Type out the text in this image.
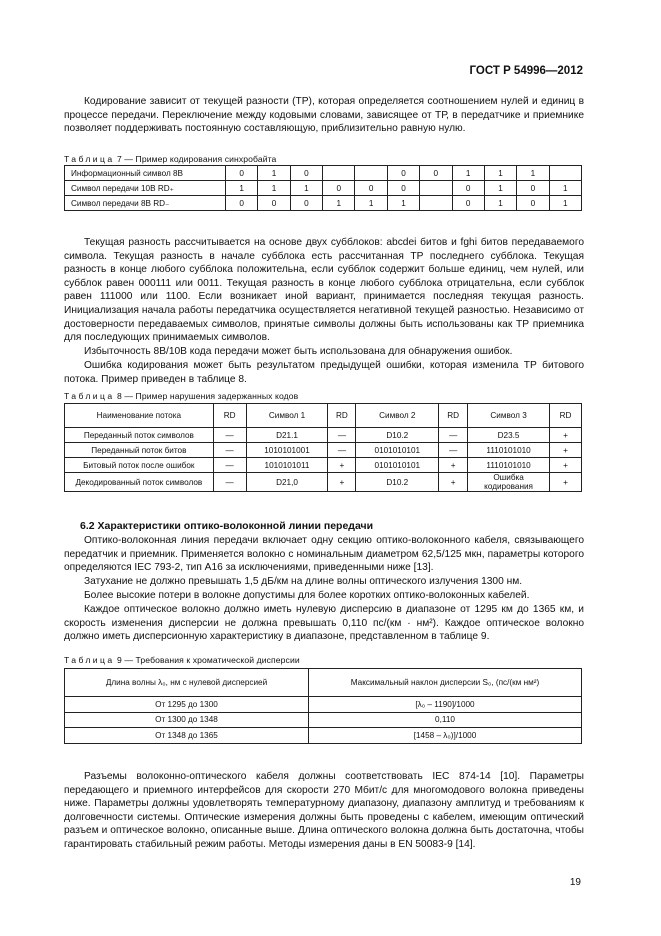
ГОСТ Р 54996—2012

Кодирование зависит от текущей разности (ТР), которая определяется соотношением нулей и единиц в процессе передачи. Переключение между кодовыми словами, зависящее от ТР, в передатчике и приемнике позволяет поддерживать постоянную составляющую, приблизительно равную нулю.

Таблица 7 — Пример кодирования синхробайта
Информационный символ 8В	0	1	0			0	0	1	1	1	
Символ передачи 10В RD₊	1	1	1	0	0	0		0	1	0	1
Символ передачи 8В RD₋	0	0	0	1	1	1		0	1	0	1

Текущая разность рассчитывается на основе двух субблоков: abcdei битов и fghi битов передаваемого символа. Текущая разность в начале субблока есть рассчитанная ТР последнего субблока. Текущая разность в конце любого субблока положительна, если субблок содержит больше единиц, чем нулей, или субблок равен 000111 или 0011. Текущая разность в конце любого субблока отрицательна, если субблок равен 111000 или 1100. Если возникает иной вариант, принимается последняя текущая разность. Инициализация начала работы передатчика осуществляется негативной текущей разностью. Независимо от достоверности передаваемых символов, принятые символы должны быть использованы как ТР приемника для последующих принимаемых символов.

Избыточность 8В/10В кода передачи может быть использована для обнаружения ошибок.

Ошибка кодирования может быть результатом предыдущей ошибки, которая изменила ТР битового потока. Пример приведен в таблице 8.

Таблица 8 — Пример нарушения задержанных кодов
Наименование потока	RD	Символ 1	RD	Символ 2	RD	Символ 3	RD
Переданный поток символов	—	D21.1	—	D10.2	—	D23.5	+
Переданный поток битов	—	1010101001	—	0101010101	—	1110101010	+
Битовый поток после ошибок	—	1010101011	+	0101010101	+	1110101010	+
Декодированный поток символов	—	D21,0	+	D10.2	+	Ошибка кодирования	+
6.2 Характеристики оптико-волоконной линии передачи

Оптико-волоконная линия передачи включает одну секцию оптико-волоконного кабеля, связывающего передатчик и приемник. Применяется волокно с номинальным диаметром 62,5/125 мкн, параметры которого определяются IEC 793-2, тип А16 за исключениями, приведенными ниже [13].

Затухание не должно превышать 1,5 дБ/км на длине волны оптического излучения 1300 нм.

Более высокие потери в волокне допустимы для более коротких оптико-волоконных кабелей.

Каждое оптическое волокно должно иметь нулевую дисперсию в диапазоне от 1295 км до 1365 км, и скорость изменения дисперсии не должна превышать 0,110 пс/(км · нм²). Каждое оптическое волокно должно иметь дисперсионную характеристику в диапазоне, представленном в таблице 9.

Таблица 9 — Требования к хроматической дисперсии
Длина волны λ₀, нм с нулевой дисперсией	Максимальный наклон дисперсии S₀, (пс/(км нм²)
От 1295 до 1300	[λ₀ – 1190]/1000
От 1300 до 1348	0,110
От 1348 до 1365	[1458 – λ₀)]/1000

Разъемы волоконно-оптического кабеля должны соответствовать IEC 874-14 [10]. Параметры передающего и приемного интерфейсов для скорости 270 Мбит/с для многомодового волокна приведены ниже. Параметры должны удовлетворять температурному диапазону, диапазону амплитуд и требованиям к долговечности системы. Оптические измерения должны быть проведены с кабелем, имеющим оптический разъем и оптическое волокно, описанные выше. Длина оптического волокна должна быть достаточна, чтобы гарантировать стабильный режим работы. Методы измерения даны в EN 50083-9 [14].

19
